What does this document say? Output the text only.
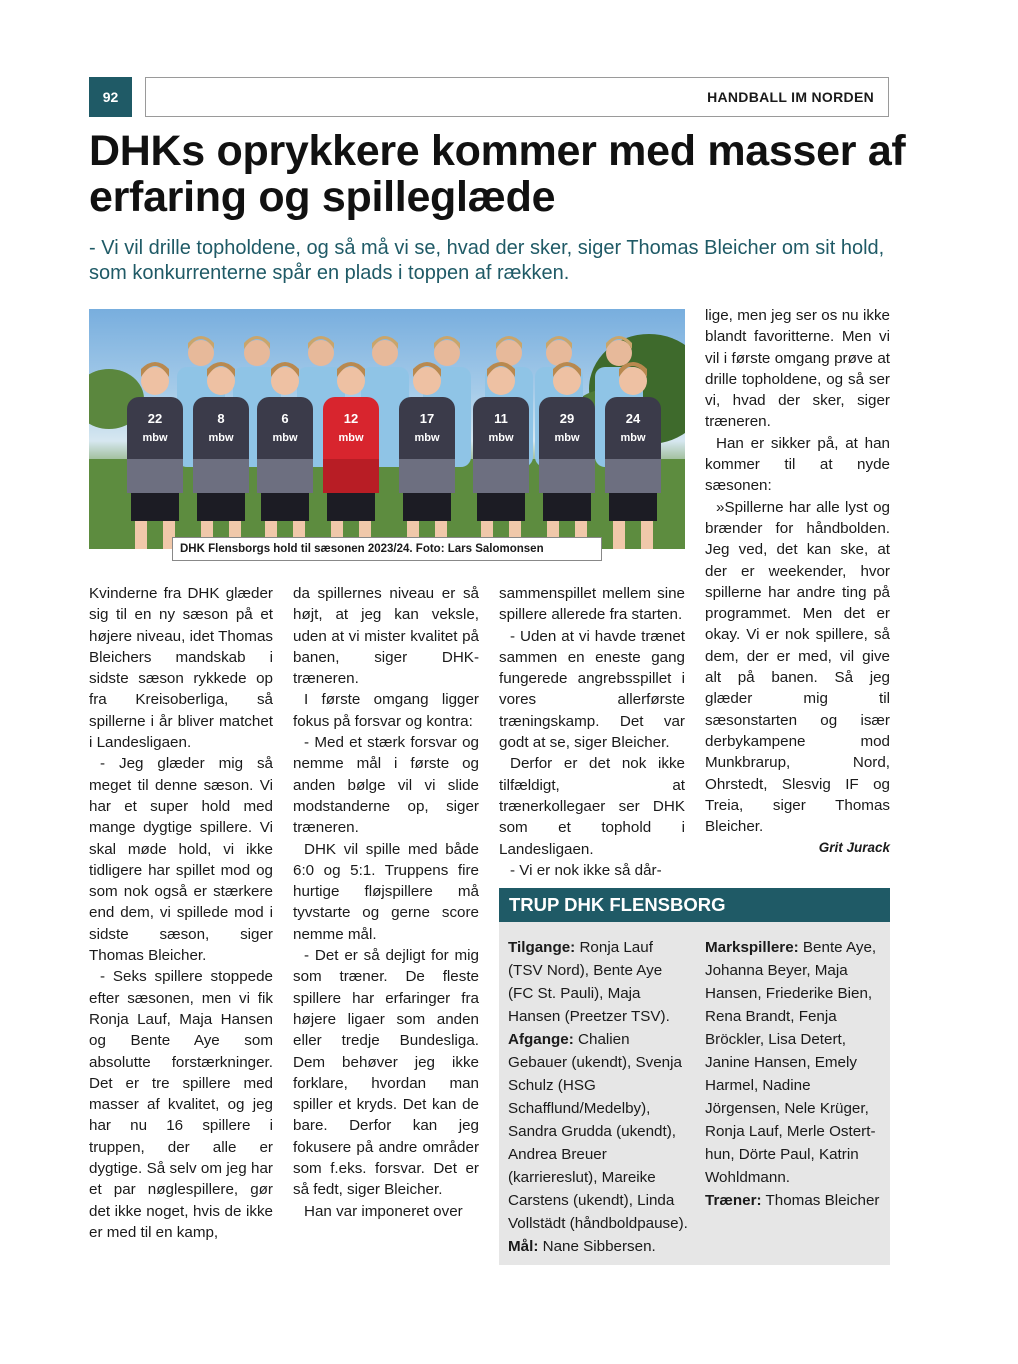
92	HANDBALL IM NORDEN
DHKs oprykkere kommer med masser af erfaring og spilleglæde

- Vi vil drille topholdene, og så må vi se, hvad der sker, siger Thomas Bleicher om sit hold, som konkurrenterne spår en plads i toppen af rækken.

22
mbw
8
mbw
6
mbw
12
mbw
17
mbw
11
mbw
29
mbw
24
mbw
DHK Flensborgs hold til sæsonen 2023/24. Foto: Lars Salomonsen

Kvinderne fra DHK glæder sig til en ny sæson på et højere niveau, idet Thomas Bleichers mandskab i sidste sæson rykkede op fra Kreisoberliga, så spillerne i år bliver matchet i Landesligaen.

- Jeg glæder mig så meget til denne sæson. Vi har et super hold med mange dygtige spillere. Vi skal møde hold, vi ikke tidligere har spillet mod og som nok også er stærkere end dem, vi spillede mod i sidste sæson, siger Thomas Bleicher.

- Seks spillere stoppede efter sæsonen, men vi fik Ronja Lauf, Maja Hansen og Bente Aye som absolutte forstærkninger. Det er tre spillere med masser af kvalitet, og jeg har nu 16 spillere i truppen, der alle er dygtige. Så selv om jeg har et par nøglespillere, gør det ikke noget, hvis de ikke er med til en kamp,

da spillernes niveau er så højt, at jeg kan veksle, uden at vi mister kvalitet på banen, siger DHK-træneren.

I første omgang ligger fokus på forsvar og kontra:

- Med et stærk forsvar og nemme mål i første og anden bølge vil vi slide modstanderne op, siger træneren.

DHK vil spille med både 6:0 og 5:1. Truppens fire hurtige fløjspillere må tyvstarte og gerne score nemme mål.

- Det er så dejligt for mig som træner. De fleste spillere har erfaringer fra højere ligaer som anden eller tredje Bundesliga. Dem behøver jeg ikke forklare, hvordan man spiller et kryds. Det kan de bare. Derfor kan jeg fokusere på andre områder som f.eks. forsvar. Det er så fedt, siger Bleicher.

Han var imponeret over

sammenspillet mellem sine spillere allerede fra starten.

- Uden at vi havde trænet sammen en eneste gang fungerede angrebsspillet i vores allerførste træningskamp. Det var godt at se, siger Bleicher.

Derfor er det nok ikke tilfældigt, at trænerkollegaer ser DHK som et tophold i Landesligaen.

- Vi er nok ikke så dår-

lige, men jeg ser os nu ikke blandt favoritterne. Men vi vil i første omgang prøve at drille topholdene, og så ser vi, hvad der sker, siger træneren.

Han er sikker på, at han kommer til at nyde sæsonen:

»Spillerne har alle lyst og brænder for håndbolden. Jeg ved, det kan ske, at der er weekender, hvor spillerne har andre ting på programmet. Men det er okay. Vi er nok spillere, så dem, der er med, vil give alt på banen. Så jeg glæder mig til sæsonstarten og især derbykampene mod Munkbrarup, Nord, Ohrstedt, Slesvig IF og Treia, siger Thomas Bleicher.

Grit Jurack

TRUP DHK FLENSBORG

Tilgange: Ronja Lauf (TSV Nord), Bente Aye (FC St. Pauli), Maja Hansen (Preetzer TSV).

Afgange: Chalien Gebauer (ukendt), Svenja Schulz (HSG Schafflund/Medelby), Sandra Grudda (ukendt), Andrea Breuer (karriereslut), Mareike Carstens (ukendt), Linda Vollstädt (håndboldpause).

Mål: Nane Sibbersen.

Markspillere: Bente Aye, Johanna Beyer, Maja Hansen, Friederike Bien, Rena Brandt, Fenja Bröckler, Lisa Detert, Janine Hansen, Emely Harmel, Nadine Jörgensen, Nele Krüger, Ronja Lauf, Merle Ostert-hun, Dörte Paul, Katrin Wohldmann.

Træner: Thomas Bleicher
